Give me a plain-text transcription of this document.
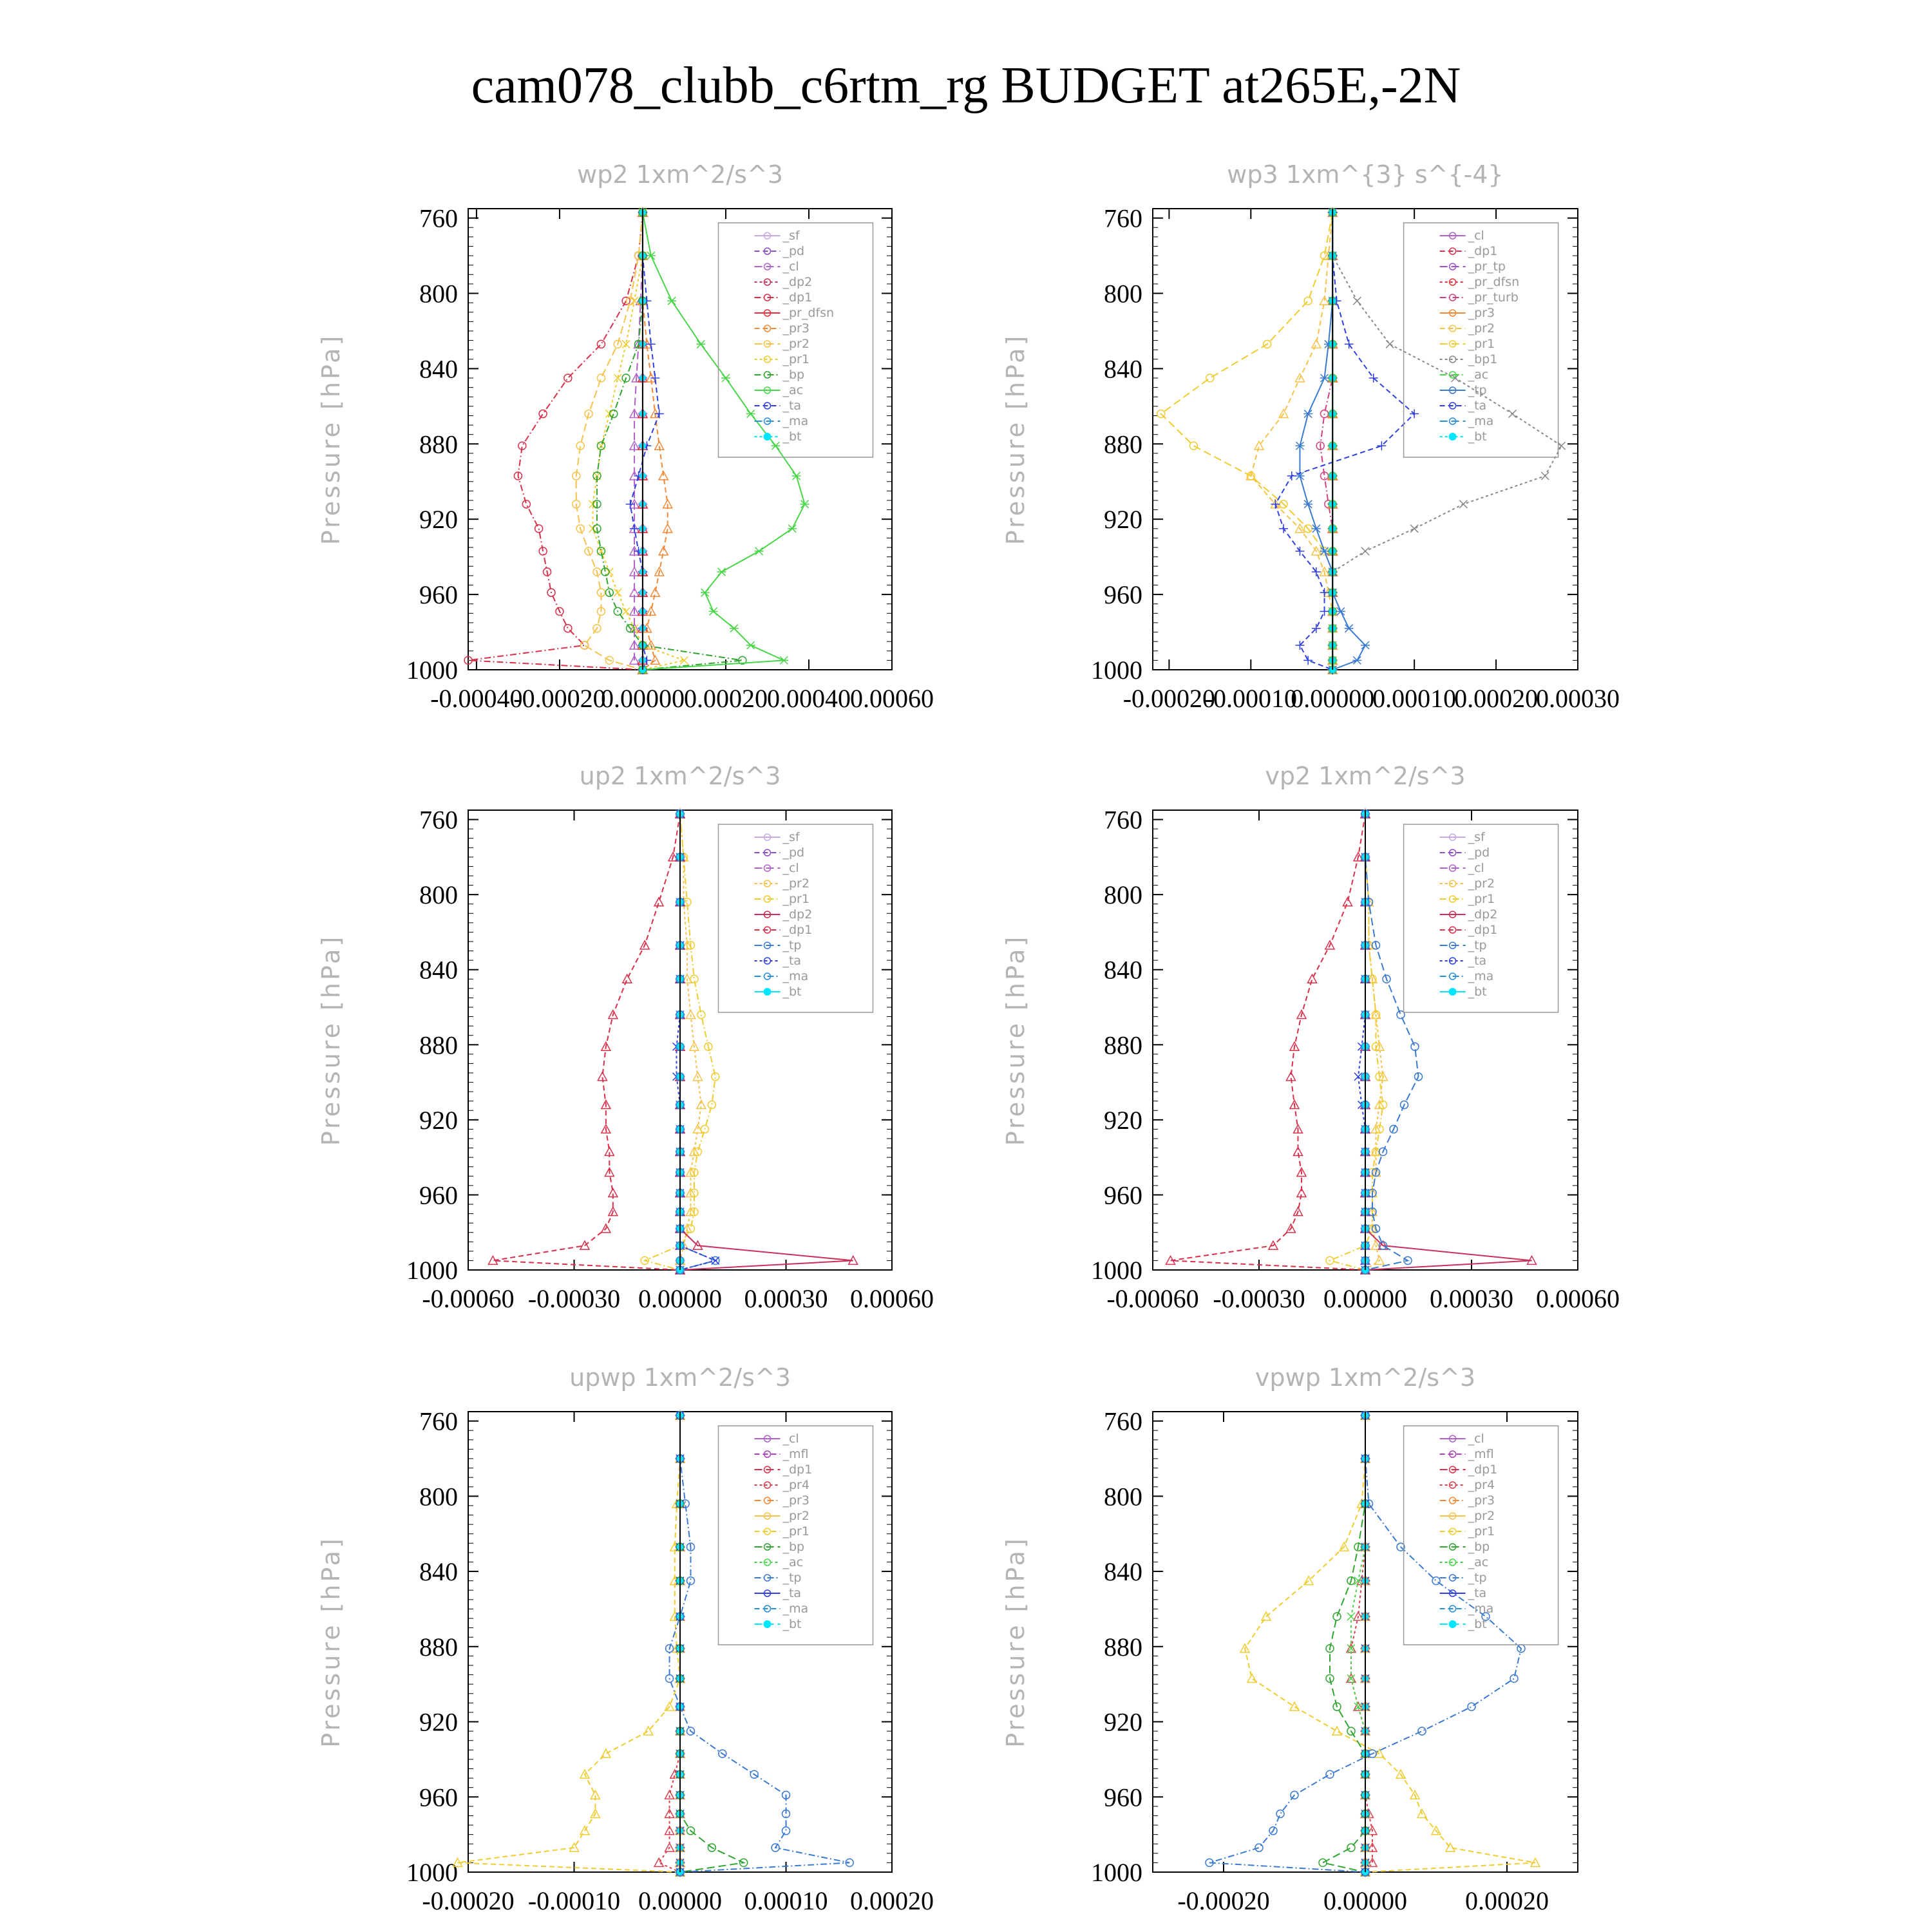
cam078_clubb_c6rtm_rg BUDGET at265E,-2N
wp2 1xm^2/s^3
Pressure [hPa]
760
800
840
880
920
960
1000
-0.00040
-0.00020
0.00000 0.00020 0.00040 0.00060
_sf
_pd
_cl
_dp2
_dp1
_pr_dfsn
_pr3
_pr2
_pr1
_bp
_ac
_ta
_ma
_bt
wp3 1xm^{3} s^{-4}
Pressure [hPa]
760
800
840
880
920
960
1000
-0.00020
-0.00010
0.00000
0.00010
0.00020
0.00030
_cl
_dp1
_pr_tp
_pr_dfsn
_pr_turb
_pr3
_pr2
_pr1
_bp1
_ac
_tp
_ta
_ma
_bt
up2 1xm^2/s^3
Pressure [hPa]
760
800
840
880
920
960
1000
-0.00060 -0.00030 0.00000 0.00030 0.00060
_sf
_pd
_cl
_pr2
_pr1
_dp2
_dp1
_tp
_ta
_ma
_bt
vp2 1xm^2/s^3
Pressure [hPa]
760
800
840
880
920
960
1000
-0.00060 -0.00030 0.00000 0.00030 0.00060
_sf
_pd
_cl
_pr2
_pr1
_dp2
_dp1
_tp
_ta
_ma
_bt
upwp 1xm^2/s^3
Pressure [hPa]
760
800
840
880
920
960
1000
-0.00020 -0.00010 0.00000 0.00010 0.00020
_cl
_mfl
_dp1
_pr4
_pr3
_pr2
_pr1
_bp
_ac
_tp
_ta
_ma
_bt
vpwp 1xm^2/s^3
Pressure [hPa]
760
800
840
880
920
960
1000
-0.00020 0.00000 0.00020
_cl
_mfl
_dp1
_pr4
_pr3
_pr2
_pr1
_bp
_ac
_tp
_ta
_ma
_bt
